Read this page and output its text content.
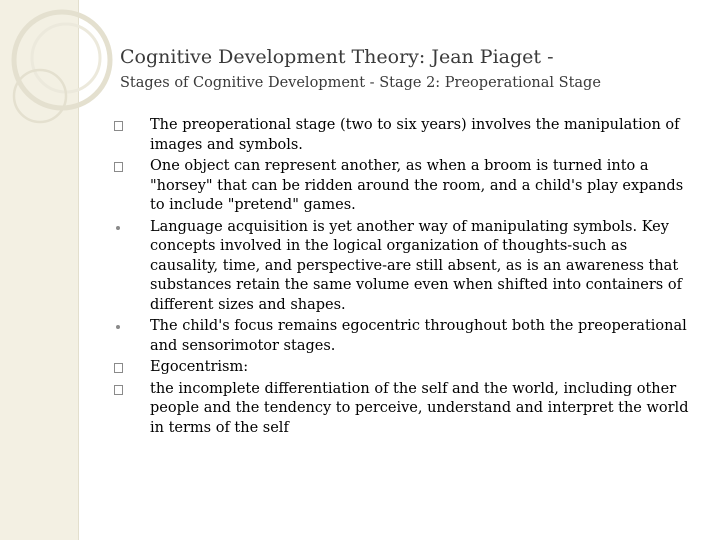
Cognitive Development Theory: Jean Piaget -
Stages of Cognitive Development - Stage 2: Preoperational Stage
The preoperational stage (two to six years) involves the manipulation of images and symbols.
One object can represent another, as when a broom is turned into a "horsey" that can be ridden around the room, and a child's play expands to include "pretend" games.
Language acquisition is yet another way of manipulating symbols. Key concepts involved in the logical organization of thoughts-such as causality, time, and perspective-are still absent, as is an awareness that substances retain the same volume even when shifted into containers of different sizes and shapes.
The child's focus remains egocentric throughout both the preoperational and sensorimotor stages.
Egocentrism:
the incomplete differentiation of the self and the world, including other people and the tendency to perceive, understand and interpret the world in terms of the self
